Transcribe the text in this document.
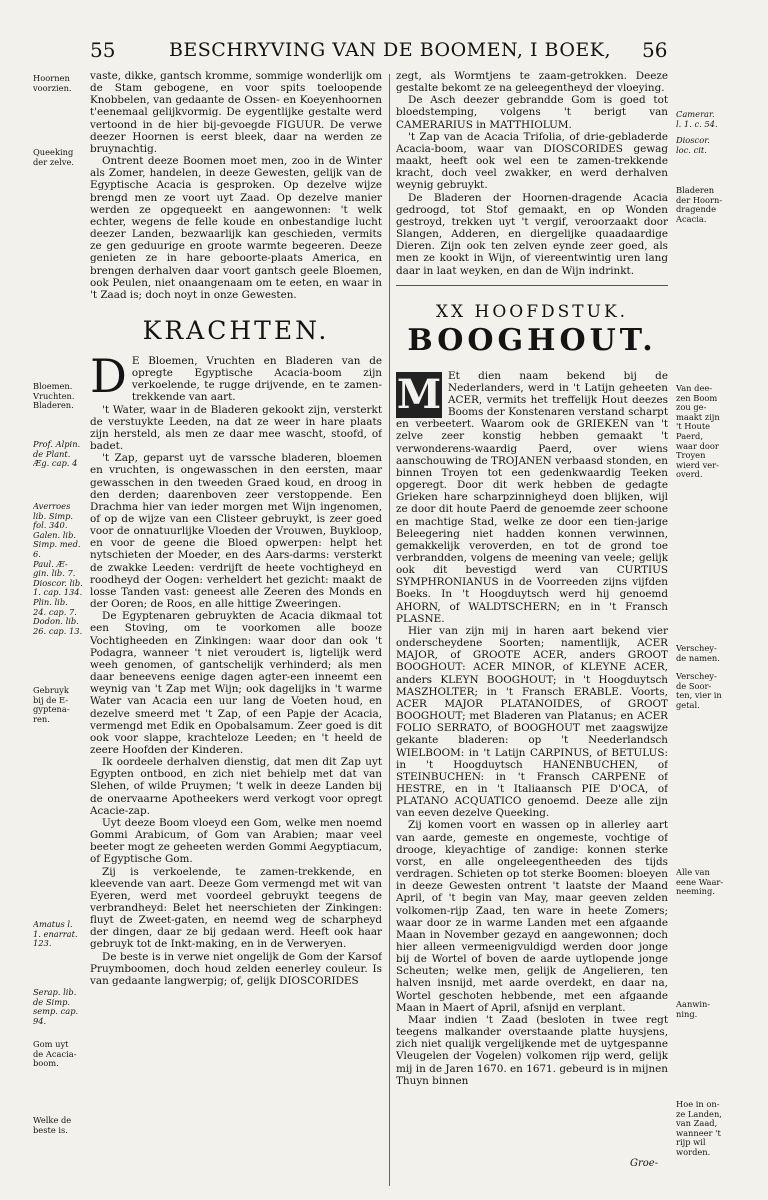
55	BESCHRYVING VAN DE BOOMEN, I BOEK,	56

vaste, dikke, gantsch kromme, sommige wonderlijk om de Stam gebogene, en voor spits toeloopende Knobbelen, van gedaante de Ossen- en Koeyenhoornen t'eenemaal gelijkvormig. De eygentlijke gestalte werd vertoond in de hier bij-gevoegde FIGUUR. De verwe deezer Hoornen is eerst bleek, daar na werden ze bruynachtig.

Ontrent deeze Boomen moet men, zoo in de Winter als Zomer, handelen, in deeze Gewesten, gelijk van de Egyptische Acacia is gesproken. Op dezelve wijze brengd men ze voort uyt Zaad. Op dezelve manier werden ze opgequeekt en aangewonnen: 't welk echter, wegens de felle koude en onbestandige lucht deezer Landen, bezwaarlijk kan geschieden, vermits ze gen geduurige en groote warmte begeeren. Deeze genieten ze in hare geboorte-plaats America, en brengen derhalven daar voort gantsch geele Bloemen, ook Peulen, niet onaangenaam om te eeten, en waar in 't Zaad is; doch noyt in onze Gewesten.

KRACHTEN.

D E Bloemen, Vruchten en Bladeren van de opregte Egyptische Acacia-boom zijn verkoelende, te rugge drijvende, en te zamen-trekkende van aart.

't Water, waar in de Bladeren gekookt zijn, versterkt de verstuykte Leeden, na dat ze weer in hare plaats zijn hersteld, als men ze daar mee wascht, stoofd, of badet.

't Zap, geparst uyt de varssche bladeren, bloemen en vruchten, is ongewasschen in den eersten, maar gewasschen in den tweeden Graed koud, en droog in den derden; daarenboven zeer verstoppende. Een Drachma hier van ieder morgen met Wijn ingenomen, of op de wijze van een Clisteer gebruykt, is zeer goed voor de onnatuurlijke Vloeden der Vrouwen, Buykloop, en voor de geene die Bloed opwerpen: helpt het nytschieten der Moeder, en des Aars-darms: versterkt de zwakke Leeden: verdrijft de heete vochtigheyd en roodheyd der Oogen: verheldert het gezicht: maakt de losse Tanden vast: geneest alle Zeeren des Monds en der Ooren; de Roos, en alle hittige Zweeringen.

De Egyptenaren gebruykten de Acacia dikmaal tot een Stoving, om te voorkomen alle booze Vochtigheeden en Zinkingen: waar door dan ook 't Podagra, wanneer 't niet veroudert is, ligtelijk werd weeh genomen, of gantschelijk verhinderd; als men daar beneevens eenige dagen agter-een inneemt een weynig van 't Zap met Wijn; ook dagelijks in 't warme Water van Acacia een uur lang de Voeten houd, en dezelve smeerd met 't Zap, of een Papje der Acacia, vermengd met Edik en Opobalsamum. Zeer goed is dit ook voor slappe, krachteloze Leeden; en 't heeld de zeere Hoofden der Kinderen.

Ik oordeele derhalven dienstig, dat men dit Zap uyt Egypten ontbood, en zich niet behielp met dat van Slehen, of wilde Pruymen; 't welk in deeze Landen bij de onervaarne Apotheekers werd verkogt voor opregt Acacie-zap.

Uyt deeze Boom vloeyd een Gom, welke men noemd Gommi Arabicum, of Gom van Arabien; maar veel beeter mogt ze geheeten werden Gommi Aegyptiacum, of Egyptische Gom.

Zij is verkoelende, te zamen-trekkende, en kleevende van aart. Deeze Gom vermengd met wit van Eyeren, werd met voordeel gebruykt teegens de verbrandheyd: Belet het neerschieten der Zinkingen: fluyt de Zweet-gaten, en neemd weg de scharpheyd der dingen, daar ze bij gedaan werd. Heeft ook haar gebruyk tot de Inkt-making, en in de Verweryen.

De beste is in verwe niet ongelijk de Gom der Karsof Pruymboomen, doch houd zelden eenerley couleur. Is van gedaante langwerpig; of, gelijk DIOSCORIDES

zegt, als Wormtjens te zaam-getrokken. Deeze gestalte bekomt ze na geleegentheyd der vloeying.

De Asch deezer gebrandde Gom is goed tot bloedstemping, volgens 't berigt van CAMERARIUS in MATTHIOLUM.

't Zap van de Acacia Trifolia, of drie-gebladerde Acacia-boom, waar van DIOSCORIDES gewag maakt, heeft ook wel een te zamen-trekkende kracht, doch veel zwakker, en werd derhalven weynig gebruykt.

De Bladeren der Hoornen-dragende Acacia gedroogd, tot Stof gemaakt, en op Wonden gestroyd, trekken uyt 't vergif, veroorzaakt door Slangen, Adderen, en diergelijke quaadaardige Dieren. Zijn ook ten zelven eynde zeer goed, als men ze kookt in Wijn, of viereentwintig uren lang daar in laat weyken, en dan de Wijn indrinkt.

XX HOOFDSTUK.
BOOGHOUT.

M Et dien naam bekend bij de Nederlanders, werd in 't Latijn geheeten ACER, vermits het treffelijk Hout deezes Booms der Konstenaren verstand scharpt en verbeetert. Waarom ook de GRIEKEN van 't zelve zeer konstig hebben gemaakt 't verwonderens-waardig Paerd, over wiens aanschouwing de TROJANEN verbaasd stonden, en binnen Troyen tot een gedenkwaardig Teeken opgeregt. Door dit werk hebben de gedagte Grieken hare scharpzinnigheyd doen blijken, wijl ze door dit houte Paerd de genoemde zeer schoone en machtige Stad, welke ze door een tien-jarige Beleegering niet hadden konnen verwinnen, gemakkelijk veroverden, en tot de grond toe verbrandden, volgens de meening van veele; gelijk ook dit bevestigd werd van CURTIUS SYMPHRONIANUS in de Voorreeden zijns vijfden Boeks. In 't Hoogduytsch werd hij genoemd AHORN, of WALDTSCHERN; en in 't Fransch PLASNE.

Hier van zijn mij in haren aart bekend vier onderscheydene Soorten; namentlijk, ACER MAJOR, of GROOTE ACER, anders GROOT BOOGHOUT: ACER MINOR, of KLEYNE ACER, anders KLEYN BOOGHOUT; in 't Hoogduytsch MASZHOLTER; in 't Fransch ERABLE. Voorts, ACER MAJOR PLATANOIDES, of GROOT BOOGHOUT; met Bladeren van Platanus; en ACER FOLIO SERRATO, of BOOGHOUT met zaagswijze gekante bladeren: op 't Neederlandsch WIELBOOM: in 't Latijn CARPINUS, of BETULUS: in 't Hoogduytsch HANENBUCHEN, of STEINBUCHEN: in 't Fransch CARPENE of HESTRE, en in 't Italiaansch PIE D'OCA, of PLATANO ACQUATICO genoemd. Deeze alle zijn van eeven dezelve Queeking.

Zij komen voort en wassen op in allerley aart van aarde, gemeste en ongemeste, vochtige of drooge, kleyachtige of zandige: konnen sterke vorst, en alle ongeleegentheeden des tijds verdragen. Schieten op tot sterke Boomen: bloeyen in deeze Gewesten ontrent 't laatste der Maand April, of 't begin van May, maar geeven zelden volkomen-rijp Zaad, ten ware in heete Zomers; waar door ze in warme Landen met een afgaande Maan in November gezayd en aangewonnen; doch hier alleen vermeenigvuldigd werden door jonge bij de Wortel of boven de aarde uytlopende jonge Scheuten; welke men, gelijk de Angelieren, ten halven insnijd, met aarde overdekt, en daar na, Wortel geschoten hebbende, met een afgaande Maan in Maert of April, afsnijd en verplant.

Maar indien 't Zaad (besloten in twee regt teegens malkander overstaande platte huysjens, zich niet qualijk vergelijkende met de uytgespanne Vleugelen der Vogelen) volkomen rijp werd, gelijk mij in de Jaren 1670. en 1671. gebeurd is in mijnen Thuyn binnen

Groe-
Hoornen
voorzien.
Queeking
der zelve.
Bloemen.
Vruchten.
Bladeren.
Prof. Alpin.
de Plant.
Æg. cap. 4
Averroes
lib. Simp.
fol. 340.
Galen. lib.
Simp. med.
6.
Paul. Æ-
gin. lib. 7.
Dioscor. lib.
1. cap. 134.
Plin. lib.
24. cap. 7.
Dodon. lib.
26. cap. 13.
Gebruyk
bij de E-
gyptena-
ren.
Amatus l.
1. enarrat.
123.
Serap. lib.
de Simp.
semp. cap.
94.
Gom uyt
de Acacia-
boom.
Welke de
beste is.
Camerar.
l. 1. c. 54.
Dioscor.
loc. cit.
Bladeren
der Hoorn-
dragende
Acacia.
Van dee-
zen Boom
zou ge-
maakt zijn
't Houte
Paerd,
waar door
Troyen
wierd ver-
overd.
Verschey-
de namen.
Verschey-
de Soor-
ten, vier in
getal.
Alle van
eene Waar-
neeming.
Aanwin-
ning.
Hoe in on-
ze Landen,
van Zaad,
wanneer 't
rijp wil
worden.
